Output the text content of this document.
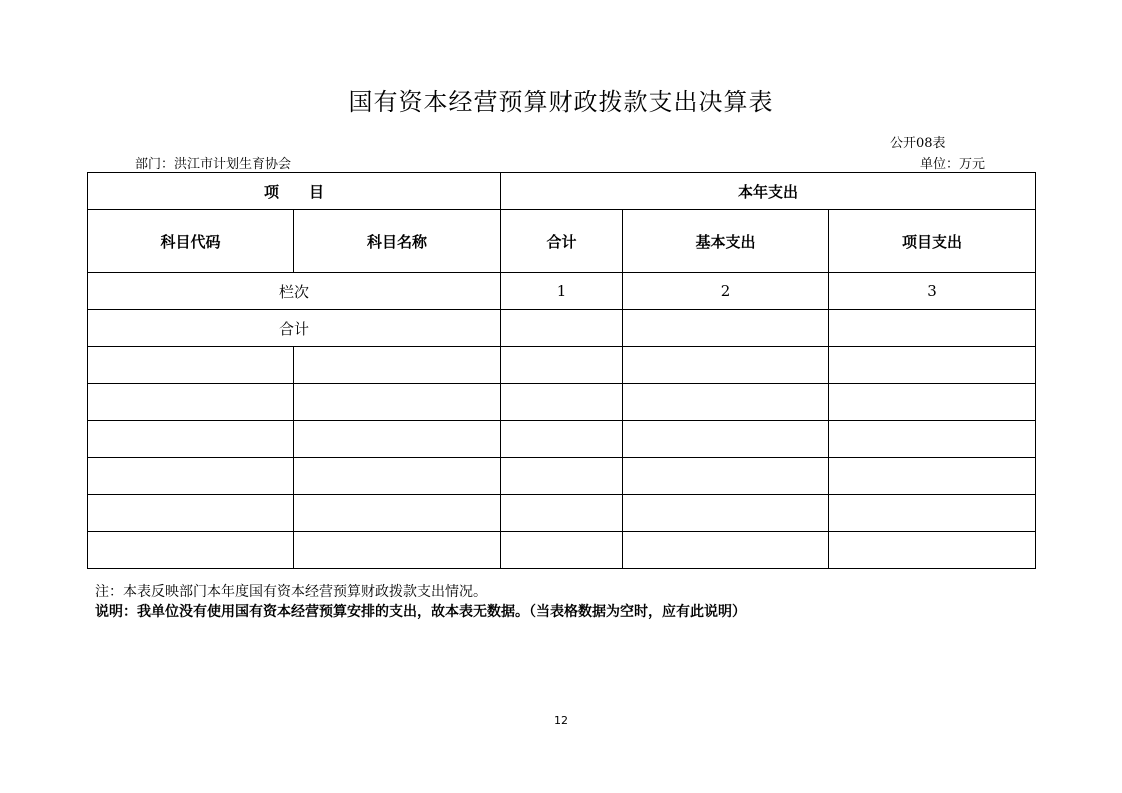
国有资本经营预算财政拨款支出决算表
公开08表
部门：洪江市计划生育协会	单位：万元
项　　目		本年支出		
科目代码	科目名称	合计	基本支出	项目支出
栏次		1	2	3
合计				

注：本表反映部门本年度国有资本经营预算财政拨款支出情况。
说明：我单位没有使用国有资本经营预算安排的支出，故本表无数据。（当表格数据为空时，应有此说明）
12
